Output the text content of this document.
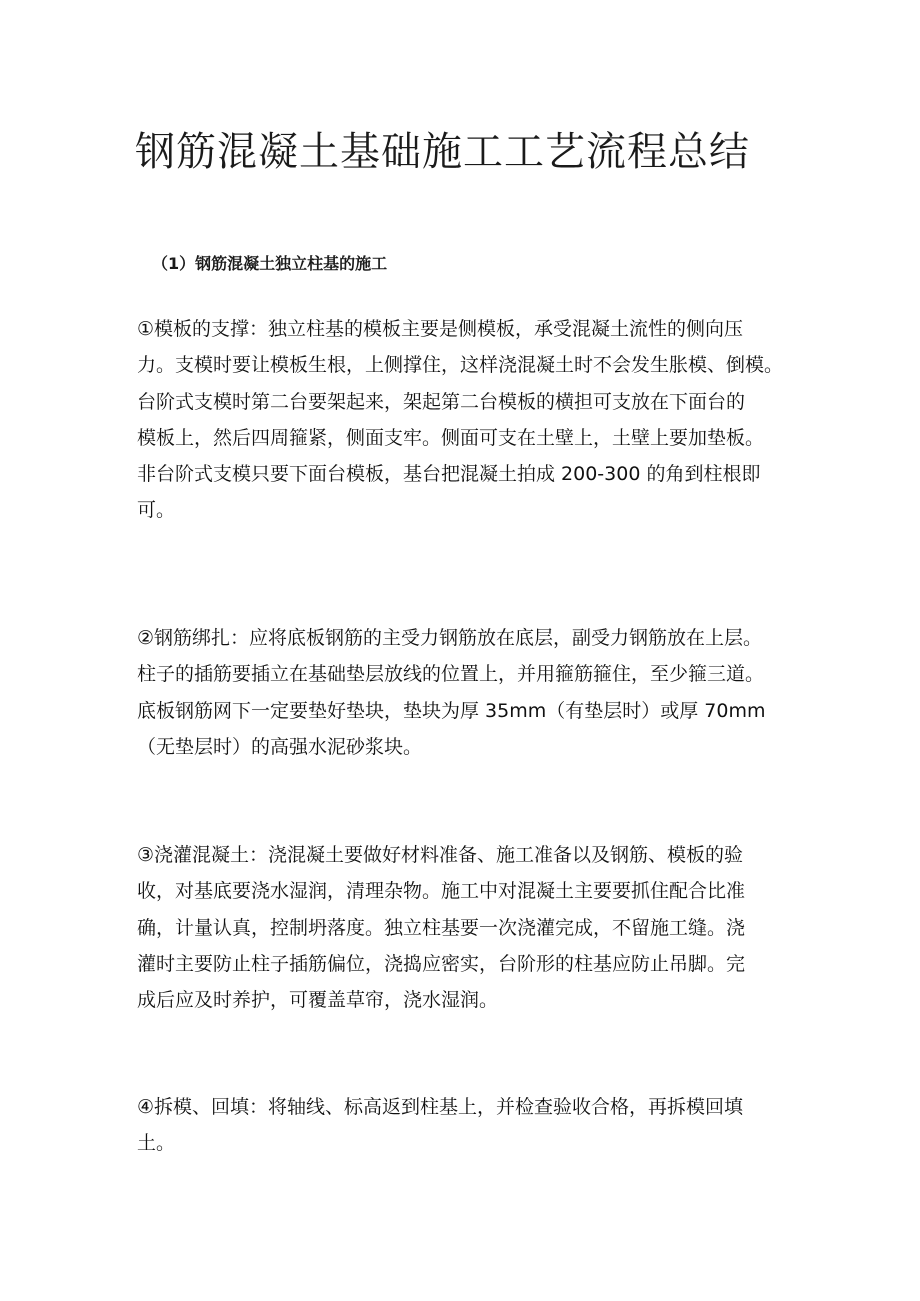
钢筋混凝土基础施工工艺流程总结
（1）钢筋混凝土独立柱基的施工

①模板的支撑：独立柱基的模板主要是侧模板，承受混凝土流性的侧向压
力。支模时要让模板生根，上侧撑住，这样浇混凝土时不会发生胀模、倒模。
台阶式支模时第二台要架起来，架起第二台模板的横担可支放在下面台的
模板上，然后四周箍紧，侧面支牢。侧面可支在土壁上，土壁上要加垫板。
非台阶式支模只要下面台模板，基台把混凝土拍成 200-300 的角到柱根即
可。

②钢筋绑扎：应将底板钢筋的主受力钢筋放在底层，副受力钢筋放在上层。
柱子的插筋要插立在基础垫层放线的位置上，并用箍筋箍住，至少箍三道。
底板钢筋网下一定要垫好垫块，垫块为厚 35mm（有垫层时）或厚 70mm
（无垫层时）的高强水泥砂浆块。

③浇灌混凝土：浇混凝土要做好材料准备、施工准备以及钢筋、模板的验
收，对基底要浇水湿润，清理杂物。施工中对混凝土主要要抓住配合比准
确，计量认真，控制坍落度。独立柱基要一次浇灌完成，不留施工缝。浇
灌时主要防止柱子插筋偏位，浇捣应密实，台阶形的柱基应防止吊脚。完
成后应及时养护，可覆盖草帘，浇水湿润。

④拆模、回填：将轴线、标高返到柱基上，并检查验收合格，再拆模回填
土。
